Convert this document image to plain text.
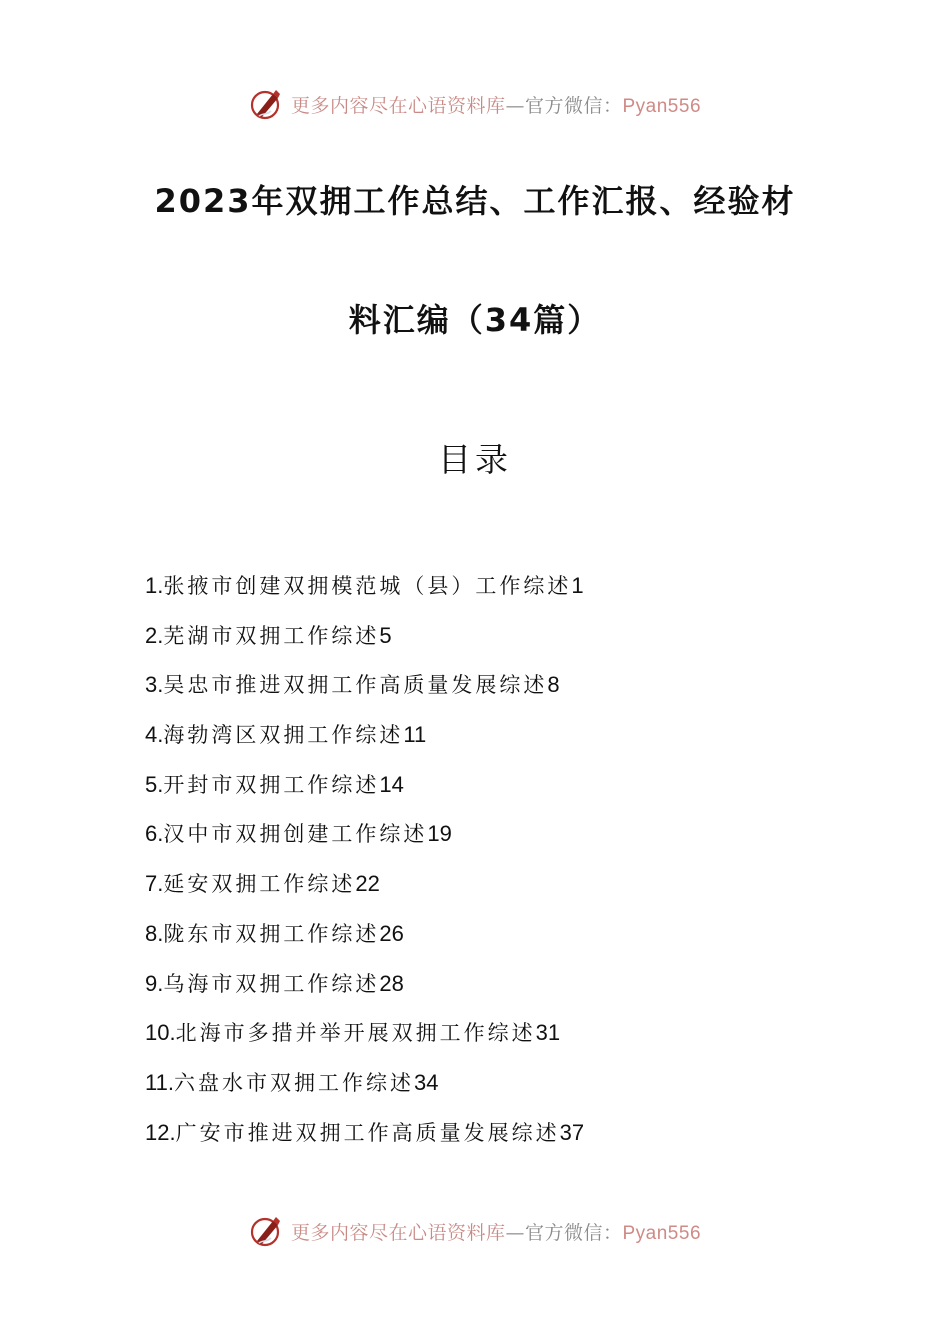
更多内容尽在心语资料库—官方微信：Pyan556
2023年双拥工作总结、工作汇报、经验材
料汇编（34篇）
目录
1.张掖市创建双拥模范城（县）工作综述1
2.芜湖市双拥工作综述5
3.吴忠市推进双拥工作高质量发展综述8
4.海勃湾区双拥工作综述11
5.开封市双拥工作综述14
6.汉中市双拥创建工作综述19
7.延安双拥工作综述22
8.陇东市双拥工作综述26
9.乌海市双拥工作综述28
10.北海市多措并举开展双拥工作综述31
11.六盘水市双拥工作综述34
12.广安市推进双拥工作高质量发展综述37
更多内容尽在心语资料库—官方微信：Pyan556
